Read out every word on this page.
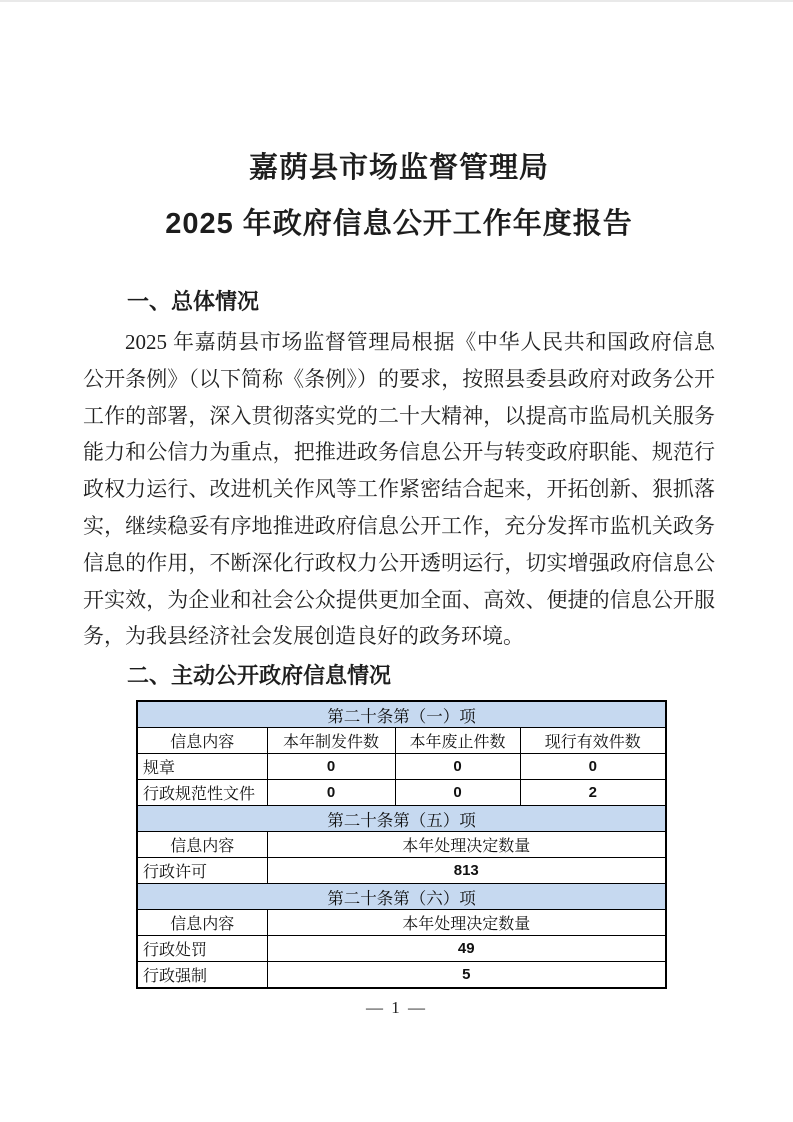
嘉荫县市场监督管理局
2025 年政府信息公开工作年度报告
一、总体情况
2025 年嘉荫县市场监督管理局根据《中华人民共和国政府信息公开条例》（以下简称《条例》）的要求，按照县委县政府对政务公开工作的部署，深入贯彻落实党的二十大精神，以提高市监局机关服务能力和公信力为重点，把推进政务信息公开与转变政府职能、规范行政权力运行、改进机关作风等工作紧密结合起来，开拓创新、狠抓落实，继续稳妥有序地推进政府信息公开工作，充分发挥市监机关政务信息的作用，不断深化行政权力公开透明运行，切实增强政府信息公开实效，为企业和社会公众提供更加全面、高效、便捷的信息公开服务，为我县经济社会发展创造良好的政务环境。
二、主动公开政府信息情况
第二十条第（一）项			
信息内容	本年制发件数	本年废止件数	现行有效件数
规章	0	0	0
行政规范性文件	0	0	2
第二十条第（五）项			
信息内容	本年处理决定数量		
行政许可	813		
第二十条第（六）项			
信息内容	本年处理决定数量		
行政处罚	49		
行政强制	5		
— 1 —
